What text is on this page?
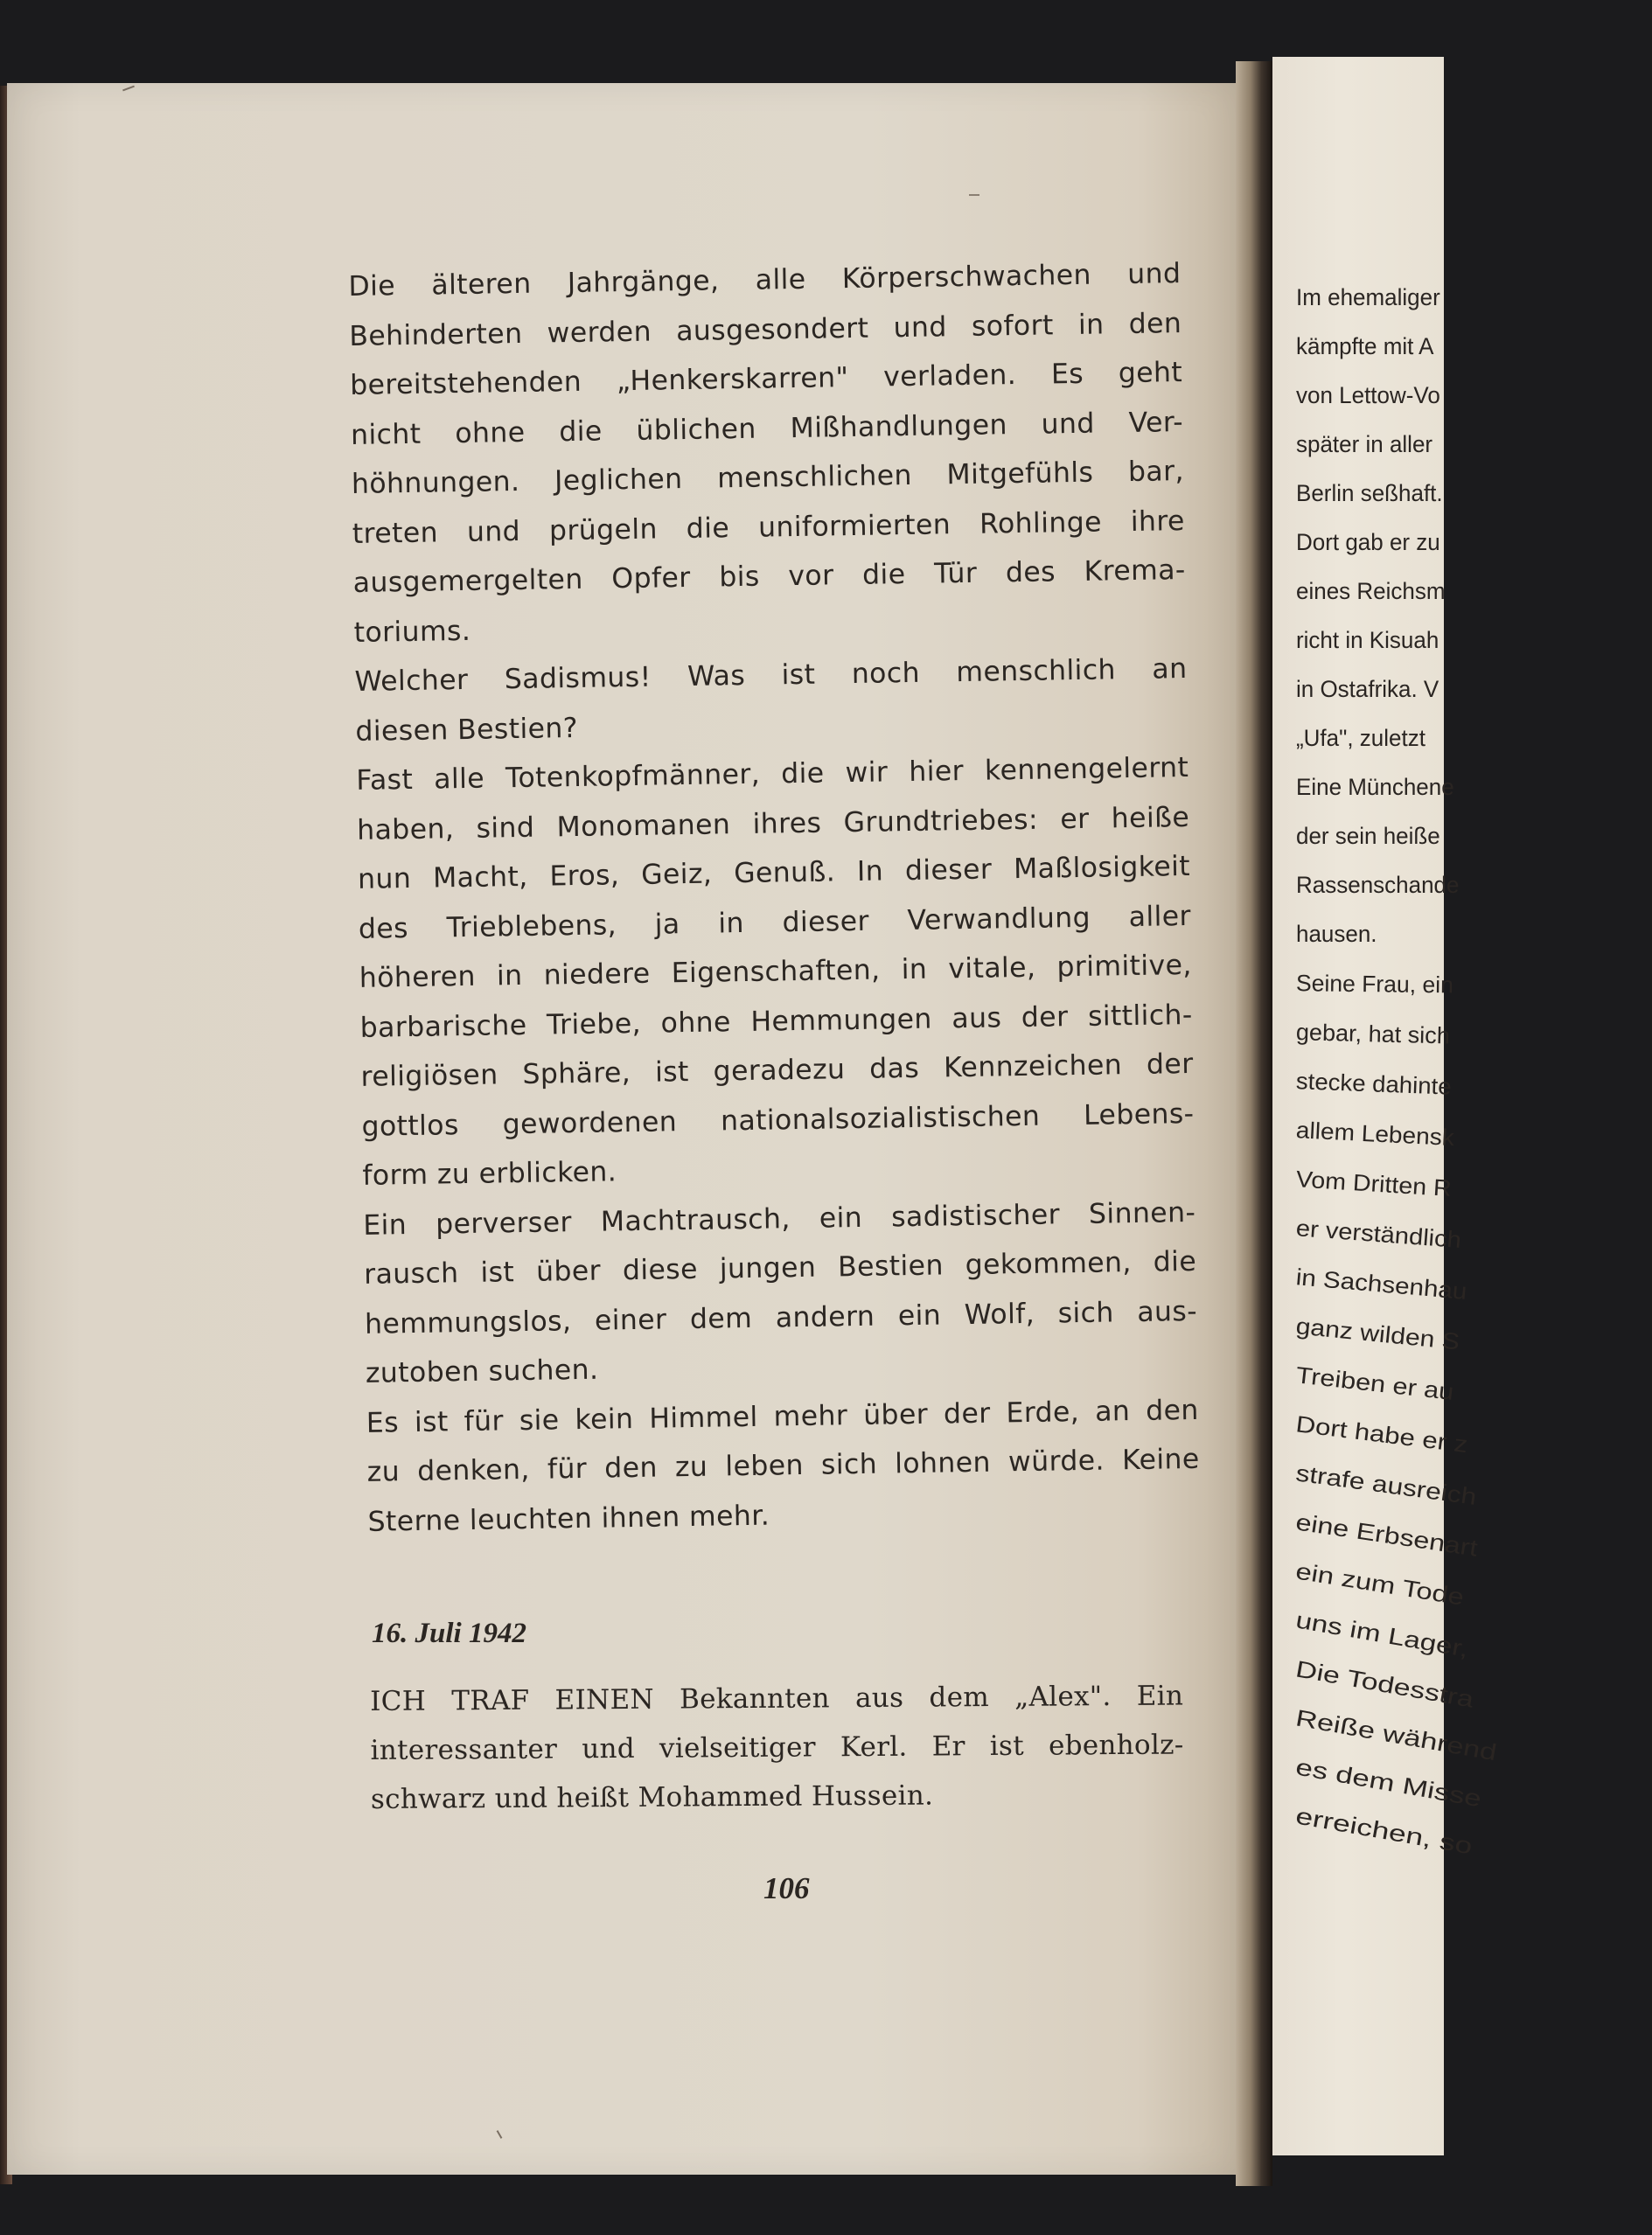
Die älteren Jahrgänge, alle Körperschwachen und
Behinderten werden ausgesondert und sofort in den
bereitstehenden „Henkerskarren" verladen. Es geht
nicht ohne die üblichen Mißhandlungen und Ver-
höhnungen. Jeglichen menschlichen Mitgefühls bar,
treten und prügeln die uniformierten Rohlinge ihre
ausgemergelten Opfer bis vor die Tür des Krema-
toriums.
Welcher Sadismus! Was ist noch menschlich an
diesen Bestien?
Fast alle Totenkopfmänner, die wir hier kennengelernt
haben, sind Monomanen ihres Grundtriebes: er heiße
nun Macht, Eros, Geiz, Genuß. In dieser Maßlosigkeit
des Trieblebens, ja in dieser Verwandlung aller
höheren in niedere Eigenschaften, in vitale, primitive,
barbarische Triebe, ohne Hemmungen aus der sittlich-
religiösen Sphäre, ist geradezu das Kennzeichen der
gottlos gewordenen nationalsozialistischen Lebens-
form zu erblicken.
Ein perverser Machtrausch, ein sadistischer Sinnen-
rausch ist über diese jungen Bestien gekommen, die
hemmungslos, einer dem andern ein Wolf, sich aus-
zutoben suchen.
Es ist für sie kein Himmel mehr über der Erde, an den
zu denken, für den zu leben sich lohnen würde. Keine
Sterne leuchten ihnen mehr.
16. Juli 1942
ICH TRAF EINEN Bekannten aus dem „Alex". Ein
interessanter und vielseitiger Kerl. Er ist ebenholz-
schwarz und heißt Mohammed Hussein.
106
Im ehemaliger
kämpfte mit A
von Lettow-Vo
später in aller
Berlin seßhaft.
Dort gab er zu
eines Reichsm
richt in Kisuah
in Ostafrika. V
„Ufa", zuletzt
Eine Münchene
der sein heiße
Rassenschande
hausen.
Seine Frau, ein
gebar, hat sich
stecke dahinte
allem Lebensk
Vom Dritten R
er verständlich
in Sachsenhau
ganz wilden S
Treiben er au
Dort habe er z
strafe ausreich
eine Erbsenart
ein zum Tode
uns im Lager,
Die Todesstra
Reiße während
es dem Misse
erreichen, so
